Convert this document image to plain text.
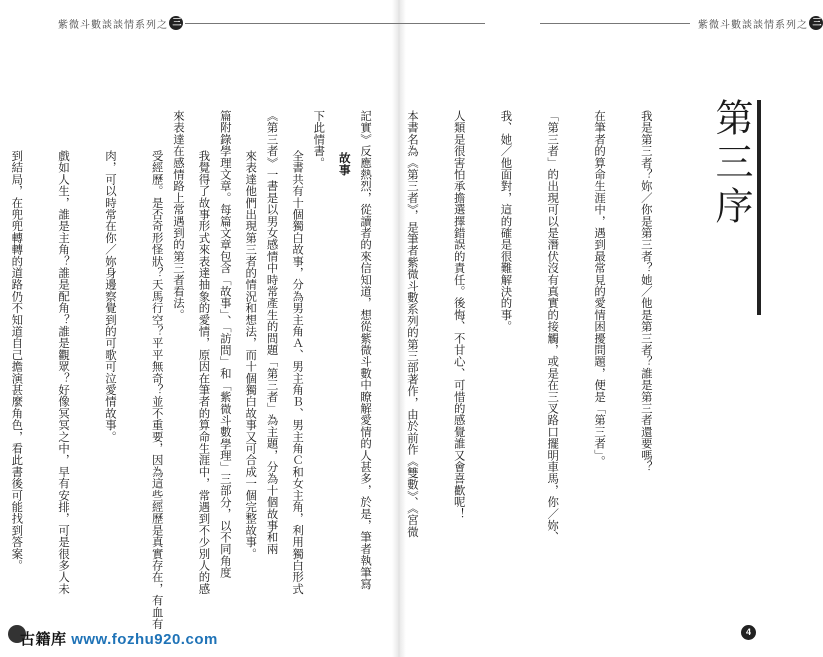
紫微斗數談談情系列之 三	紫微斗數談談情系列之 三
第三序

我是第三者？妳／你是第三者？她／他是第三者？誰是第三者還要嗎？

在筆者的算命生涯中，遇到最常見的愛情困擾問題，便是「第三者」。

「第三者」的出現可以是潛伏沒有真實的接觸，或是在三叉路口擺明車馬，你／妳、

我、她／他面對，這的確是很難解決的事。

人類是很害怕承擔選擇錯誤的責任。後悔、不甘心、可惜的感覺誰又會喜歡呢！

本書名為《第三者》，是筆者紫微斗數系列的第三部著作，由於前作《雙數》、《宮微

記實》反應熱烈，從讀者的來信知道，想從紫微斗數中瞭解愛情的人甚多，於是，筆者執筆寫

下此情書。

《第三者》一書是以男女感情中時常產生的問題「第三者」為主題，分為十個故事和兩

篇附錄學理文章。每篇文章包含「故事」、「訪問」和「紫微斗數學理」三部分，以不同角度

來表達在感情路上常遇到的第三者看法。

	故事

全書共有十個獨白故事，分為男主角Ａ、男主角Ｂ、男主角Ｃ和女主角，利用獨白形式

來表達他們出現第三者的情況和想法，而十個獨白故事又可合成一個完整故事。

我覺得了故事形式來表達抽象的愛情，原因在筆者的算命生涯中，常遇到不少別人的感

受經歷。是否奇形怪狀？天馬行空？平平無奇？並不重要，因為這些經歷是真實存在，有血有

肉，可以時常在你／妳身邊察覺到的可歌可泣愛情故事。

戲如人生，誰是主角？誰是配角？誰是觀眾？好像冥冥之中，早有安排，可是很多人未

到結局，在兜兜轉轉的道路仍不知道自己擔演甚麼角色，看此書後可能找到答案。

古籍库 www.fozhu920.com	4
